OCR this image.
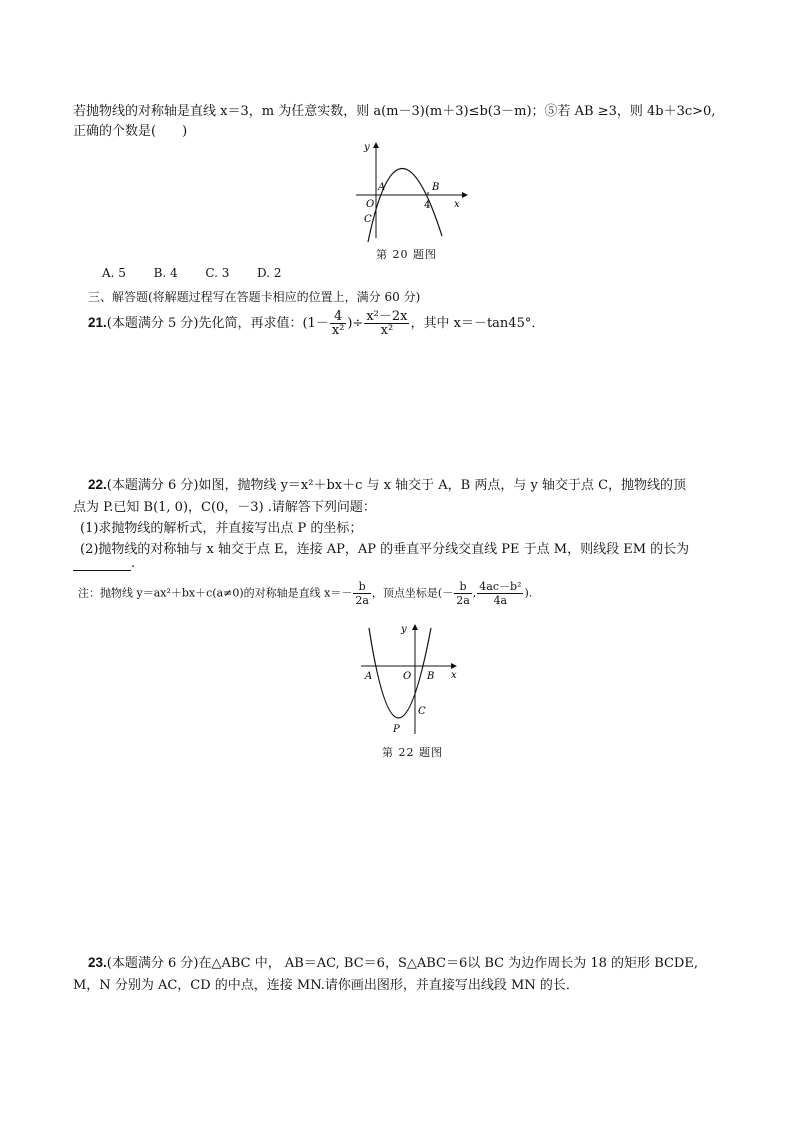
若抛物线的对称轴是直线 x＝3，m 为任意实数，则 a(m－3)(m＋3)≤b(3－m)；⑤若 AB ≥3，则 4b＋3c>0,
正确的个数是(　　)
y
x
A	B
O
C
4
第 20 题图
A. 5 B. 4 C. 3 D. 2
三、解答题(将解题过程写在答题卡相应的位置上，满分 60 分)
21.(本题满分 5 分)先化简，再求值：($1- \frac{4}{\text{x²}}$ )÷ $\frac{\text{x²－2x}}{\text{x²}}$ ，其中 x＝－tan45°．
22.(本题满分 6 分)如图，抛物线 y＝x²＋bx＋c 与 x 轴交于 A，B 两点，与 y 轴交于点 C，抛物线的顶
点为 P.已知 B(1, 0)，C(0，－3) .请解答下列问题：
(1)求抛物线的解析式，并直接写出点 P 的坐标；
(2)抛物线的对称轴与 x 轴交于点 E，连接 AP，AP 的垂直平分线交直线 PE 于点 M，则线段 EM 的长为
.
注：抛物线 y＝ax²＋bx＋c(a≠0)的对称轴是直线 $x=- \frac{b}{2a}$ ，顶点坐标是(－ $\frac{b}{2a}$ , $\frac{\text{4ac－b²}}{4a}$ ).
y
x
A	O B
C
P
第 22 题图
23.(本题满分 6 分)在△ABC 中， AB＝AC, BC＝6，S△ABC＝6以 BC 为边作周长为 18 的矩形 BCDE,
M，N 分别为 AC，CD 的中点，连接 MN.请你画出图形，并直接写出线段 MN 的长．
